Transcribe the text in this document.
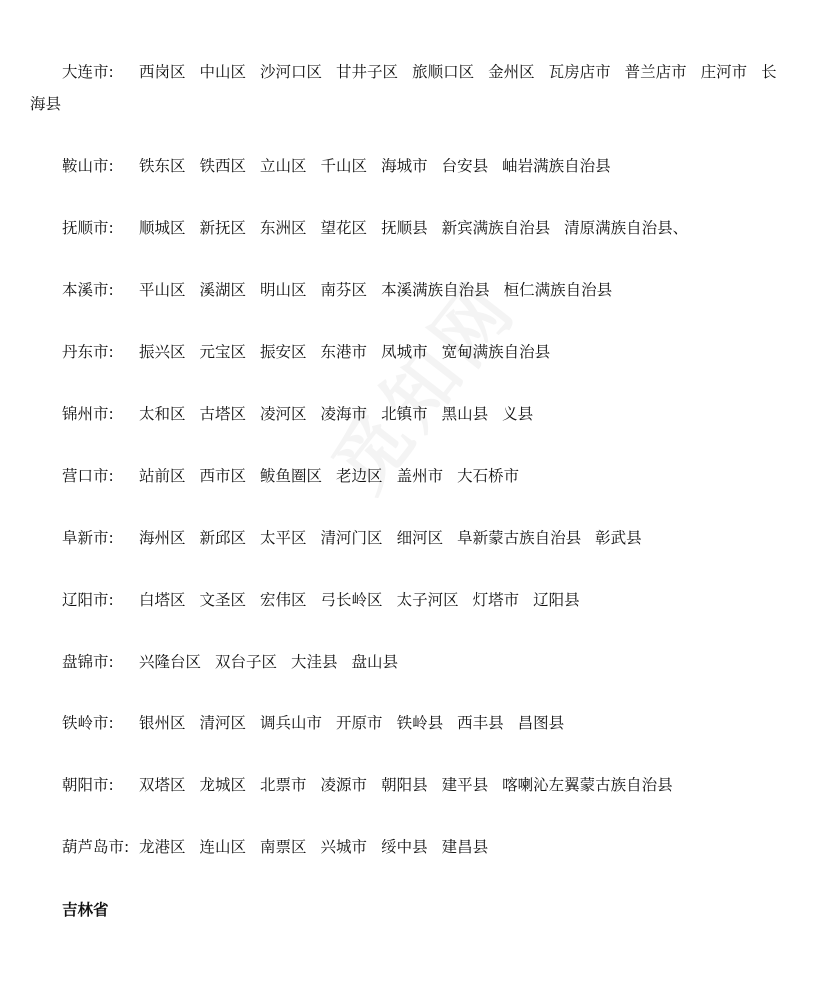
大连市: 西岗区 中山区 沙河口区 甘井子区 旅顺口区 金州区 瓦房店市 普兰店市 庄河市 长
海县
鞍山市: 铁东区 铁西区 立山区 千山区 海城市 台安县 岫岩满族自治县
抚顺市: 顺城区 新抚区 东洲区 望花区 抚顺县 新宾满族自治县 清原满族自治县、
本溪市: 平山区 溪湖区 明山区 南芬区 本溪满族自治县 桓仁满族自治县
丹东市: 振兴区 元宝区 振安区 东港市 凤城市 宽甸满族自治县
锦州市: 太和区 古塔区 凌河区 凌海市 北镇市 黑山县 义县
营口市: 站前区 西市区 鲅鱼圈区 老边区 盖州市 大石桥市
阜新市: 海州区 新邱区 太平区 清河门区 细河区 阜新蒙古族自治县 彰武县
辽阳市: 白塔区 文圣区 宏伟区 弓长岭区 太子河区 灯塔市 辽阳县
盘锦市: 兴隆台区 双台子区 大洼县 盘山县
铁岭市: 银州区 清河区 调兵山市 开原市 铁岭县 西丰县 昌图县
朝阳市: 双塔区 龙城区 北票市 凌源市 朝阳县 建平县 喀喇沁左翼蒙古族自治县
葫芦岛市: 龙港区 连山区 南票区 兴城市 绥中县 建昌县
吉林省
